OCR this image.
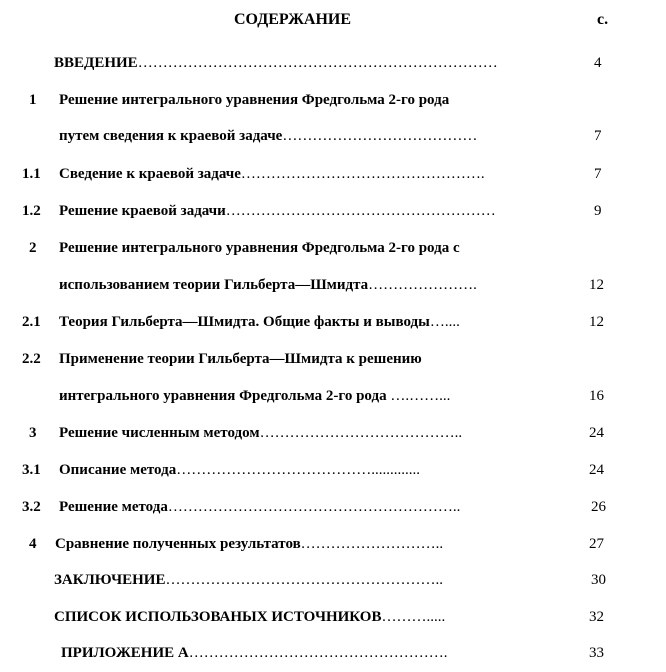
СОДЕРЖАНИЕ	с.
ВВЕДЕНИЕ………………………………………………………………	4
1 Решение интегрального уравнения Фредгольма 2-го рода
путем сведения к краевой задаче…………………………………	7
1.1 Сведение к краевой задаче………………………………………….	7
1.2 Решение краевой задачи………………………………………………	9
2 Решение интегрального уравнения Фредгольма 2-го рода с
использованием теории Гильберта—Шмидта………………….	12
2.1 Теория Гильберта—Шмидта. Общие факты и выводы…....	12
2.2 Применение теории Гильберта—Шмидта к решению
интегрального уравнения Фредгольма 2-го рода ….……...	16
3 Решение численным методом…………………………………..	24
3.1 Описание метода………………………………….............	24
3.2 Решение метода…………………………………………………..	26
4 Сравнение полученных результатов………………………..	27
ЗАКЛЮЧЕНИЕ………………………………………………..	30
СПИСОК ИСПОЛЬЗОВАНЫХ ИСТОЧНИКОВ……….....	32
ПРИЛОЖЕНИЕ А…………………………………………….	33
